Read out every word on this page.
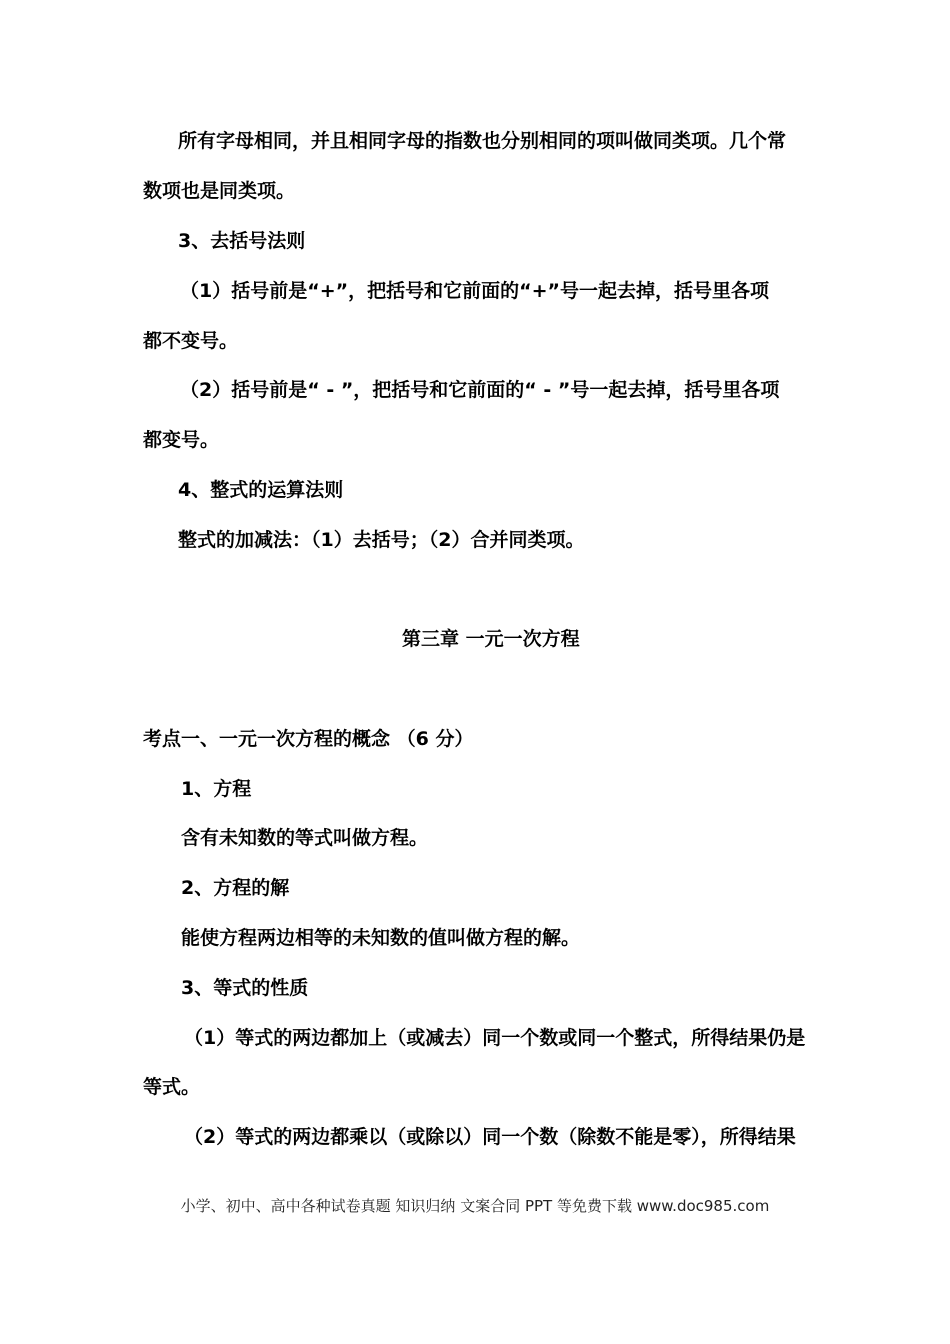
所有字母相同，并且相同字母的指数也分别相同的项叫做同类项。几个常
数项也是同类项。
3、去括号法则
（1）括号前是“+”，把括号和它前面的“+”号一起去掉，括号里各项
都不变号。
（2）括号前是“ - ”，把括号和它前面的“ - ”号一起去掉，括号里各项
都变号。
4、整式的运算法则
整式的加减法：（1）去括号；（2）合并同类项。
第三章 一元一次方程
考点一、一元一次方程的概念 （6 分）
1、方程
含有未知数的等式叫做方程。
2、方程的解
能使方程两边相等的未知数的值叫做方程的解。
3、等式的性质
（1）等式的两边都加上（或减去）同一个数或同一个整式，所得结果仍是
等式。
（2）等式的两边都乘以（或除以）同一个数（除数不能是零），所得结果
小学、初中、高中各种试卷真题 知识归纳 文案合同 PPT 等免费下载 www.doc985.com
